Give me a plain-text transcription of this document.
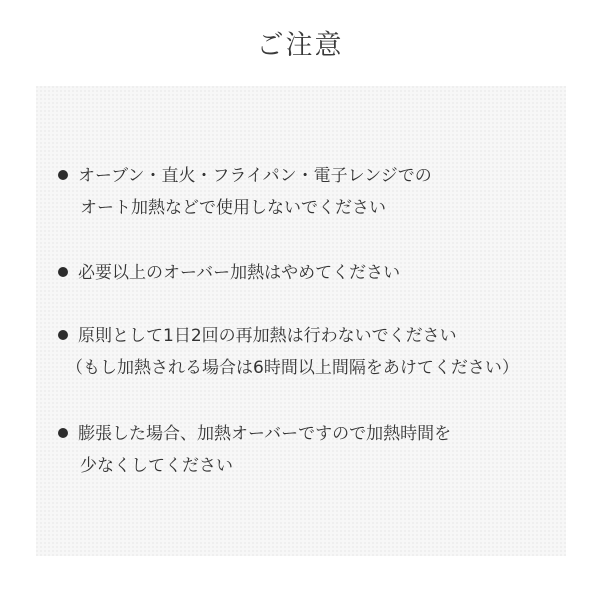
ご注意
オーブン・直火・フライパン・電子レンジでの
オート加熱などで使用しないでください
必要以上のオーバー加熱はやめてください
原則として1日2回の再加熱は行わないでください
（もし加熱される場合は6時間以上間隔をあけてください）
膨張した場合、加熱オーバーですので加熱時間を
少なくしてください
